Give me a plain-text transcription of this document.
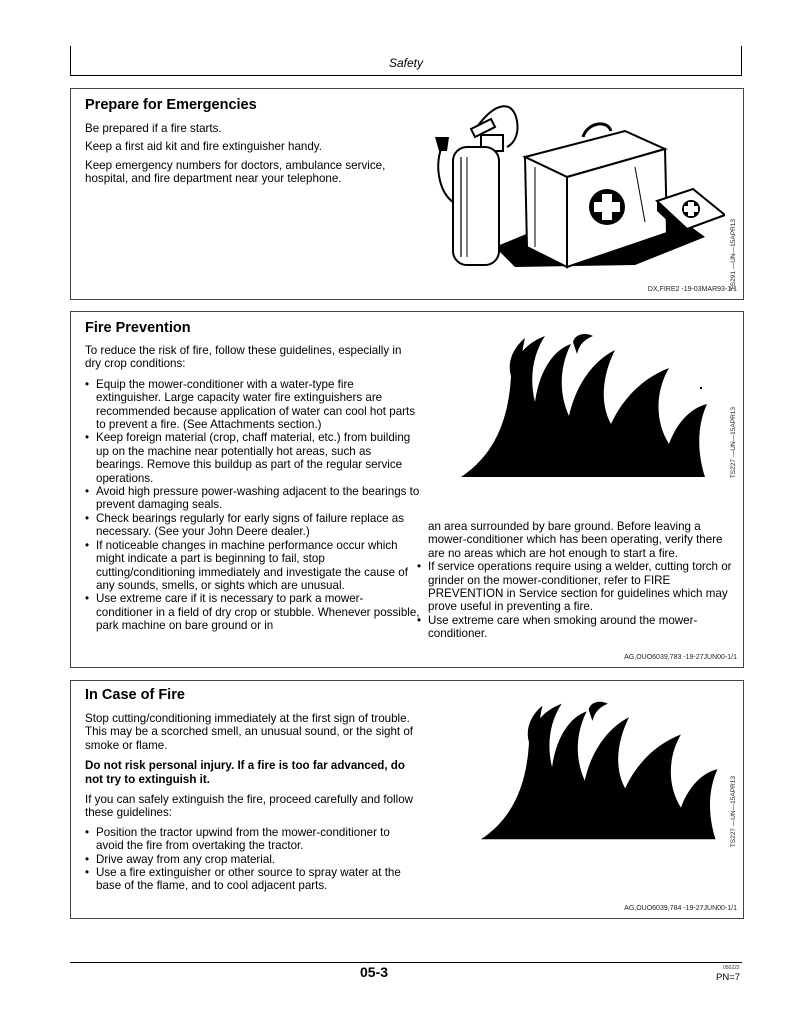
Safety
Prepare for Emergencies

Be prepared if a fire starts.

Keep a first aid kit and fire extinguisher handy.

Keep emergency numbers for doctors, ambulance service, hospital, and fire department near your telephone.

TS291 —UN—15APR13
DX,FIRE2 -19-03MAR93-1/1
Fire Prevention

To reduce the risk of fire, follow these guidelines, especially in dry crop conditions:

• Equip the mower-conditioner with a water-type fire extinguisher. Large capacity water fire extinguishers are recommended because application of water can cool hot parts to prevent a fire. (See Attachments section.)
• Keep foreign material (crop, chaff material, etc.) from building up on the machine near potentially hot areas, such as bearings. Remove this buildup as part of the regular service operations.
• Avoid high pressure power-washing adjacent to the bearings to prevent damaging seals.
• Check bearings regularly for early signs of failure replace as necessary. (See your John Deere dealer.)
• If noticeable changes in machine performance occur which might indicate a part is beginning to fail, stop cutting/conditioning immediately and investigate the cause of any sounds, smells, or sights which are unusual.
• Use extreme care if it is necessary to park a mower-conditioner in a field of dry crop or stubble. Whenever possible, park machine on bare ground or in
an area surrounded by bare ground. Before leaving a mower-conditioner which has been operating, verify there are no areas which are hot enough to start a fire.
• If service operations require using a welder, cutting torch or grinder on the mower-conditioner, refer to FIRE PREVENTION in Service section for guidelines which may prove useful in preventing a fire.
• Use extreme care when smoking around the mower-conditioner.
TS227 —UN—15APR13
AG,OUO6039,783 -19-27JUN00-1/1
In Case of Fire

Stop cutting/conditioning immediately at the first sign of trouble. This may be a scorched smell, an unusual sound, or the sight of smoke or flame.

Do not risk personal injury. If a fire is too far advanced, do not try to extinguish it.

If you can safely extinguish the fire, proceed carefully and follow these guidelines:

• Position the tractor upwind from the mower-conditioner to avoid the fire from overtaking the tractor.
• Drive away from any crop material.
• Use a fire extinguisher or other source to spray water at the base of the flame, and to cool adjacent parts.
TS227 —UN—15APR13
AG,OUO6039,784 -19-27JUN00-1/1
05-3	050222
PN=7
